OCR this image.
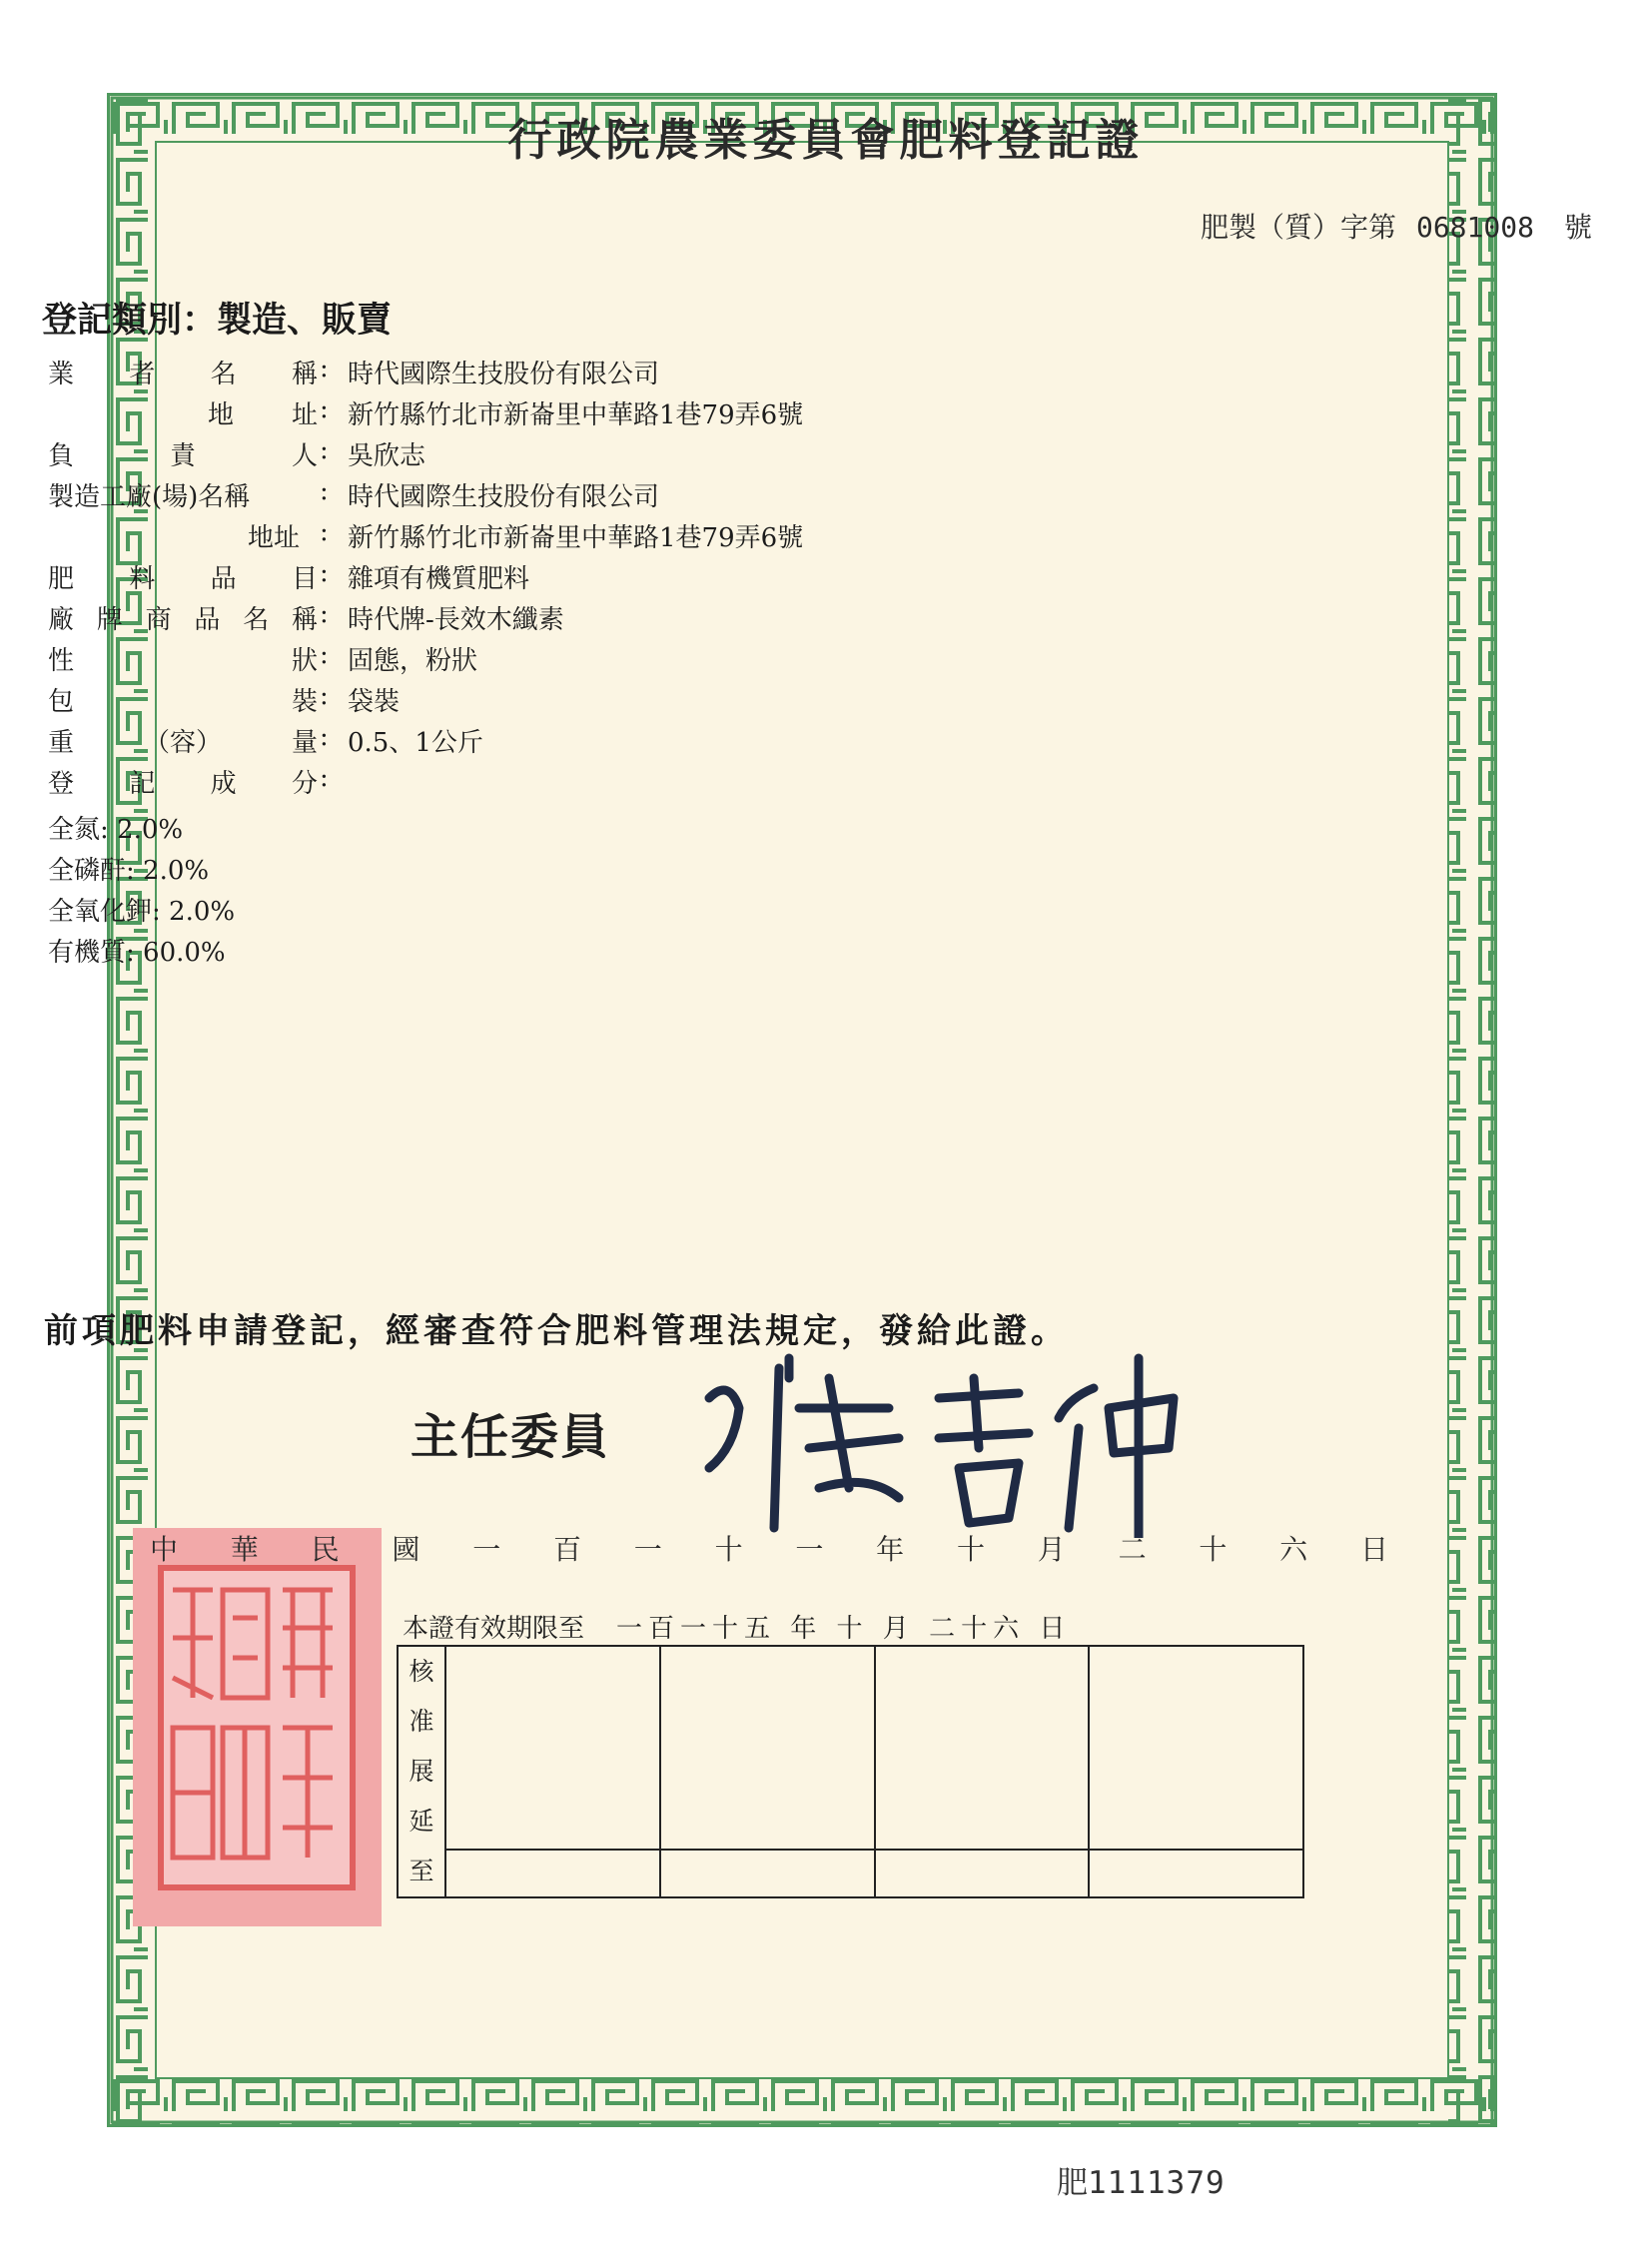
行政院農業委員會肥料登記證
肥製（質）字第 0681008 號
登記類別：製造、販賣
業 者 名 稱 : 時代國際生技股份有限公司
地 址 : 新竹縣竹北市新崙里中華路1巷79弄6號
負	責	人 : 吳欣志
製造工廠(場)名稱	: 時代國際生技股份有限公司
地址 : 新竹縣竹北市新崙里中華路1巷79弄6號
肥 料 品 目 : 雜項有機質肥料
廠 牌 商 品 名 稱 : 時代牌-長效木纖素
性	狀 : 固態，粉狀
包	裝 : 袋裝
重	（容）	量 : 0.5、1公斤
登 記 成 分 :
全氮: 2.0%
全磷酐: 2.0%
全氧化鉀: 2.0%
有機質: 60.0%
前項肥料申請登記，經審查符合肥料管理法規定，發給此證。
主任委員
中 華 民 國 一 百 一 十 一 年 十 月 二 十 六 日
本證有效期限至 一百一十五 年 十 月 二十六 日
核
准
展
延
至				

肥1111379
